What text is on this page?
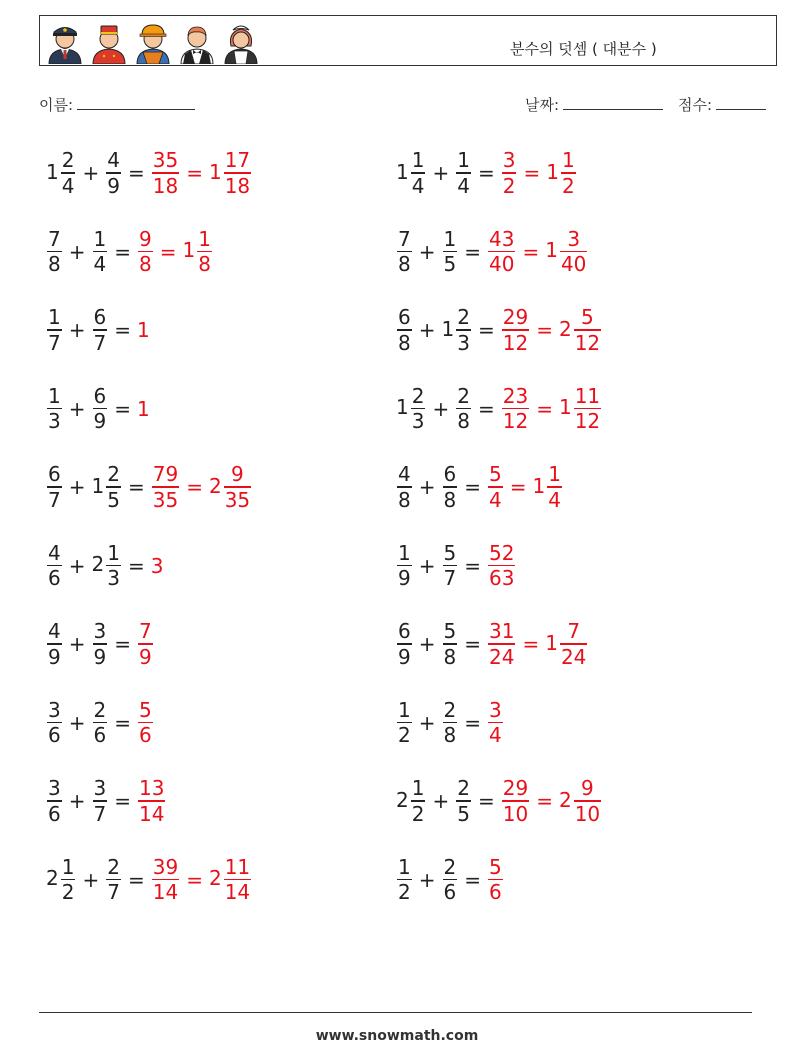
분수의 덧셈 ( 대분수 )
이름:	날짜:	점수:
$1 \frac{2}{4} + \frac{4}{9} = \frac{35}{18} = 1 \frac{17}{18}$	$1 \frac{1}{4} + \frac{1}{4} = \frac{3}{2} = 1 \frac{1}{2}$
$\frac{7}{8} + \frac{1}{4} = \frac{9}{8} = 1 \frac{1}{8}$	$\frac{7}{8} + \frac{1}{5} = \frac{43}{40} = 1 \frac{3}{40}$
$\frac{1}{7} + \frac{6}{7} = 1$	$\frac{6}{8} + 1 \frac{2}{3} = \frac{29}{12} = 2 \frac{5}{12}$
$\frac{1}{3} + \frac{6}{9} = 1$	$1 \frac{2}{3} + \frac{2}{8} = \frac{23}{12} = 1 \frac{11}{12}$
$\frac{6}{7} + 1 \frac{2}{5} = \frac{79}{35} = 2 \frac{9}{35}$	$\frac{4}{8} + \frac{6}{8} = \frac{5}{4} = 1 \frac{1}{4}$
$\frac{4}{6} + 2 \frac{1}{3} = 3$	$\frac{1}{9} + \frac{5}{7} = \frac{52}{63}$
$\frac{4}{9} + \frac{3}{9} = \frac{7}{9}$	$\frac{6}{9} + \frac{5}{8} = \frac{31}{24} = 1 \frac{7}{24}$
$\frac{3}{6} + \frac{2}{6} = \frac{5}{6}$	$\frac{1}{2} + \frac{2}{8} = \frac{3}{4}$
$\frac{3}{6} + \frac{3}{7} = \frac{13}{14}$	$2 \frac{1}{2} + \frac{2}{5} = \frac{29}{10} = 2 \frac{9}{10}$
$2 \frac{1}{2} + \frac{2}{7} = \frac{39}{14} = 2 \frac{11}{14}$	$\frac{1}{2} + \frac{2}{6} = \frac{5}{6}$
www.snowmath.com
